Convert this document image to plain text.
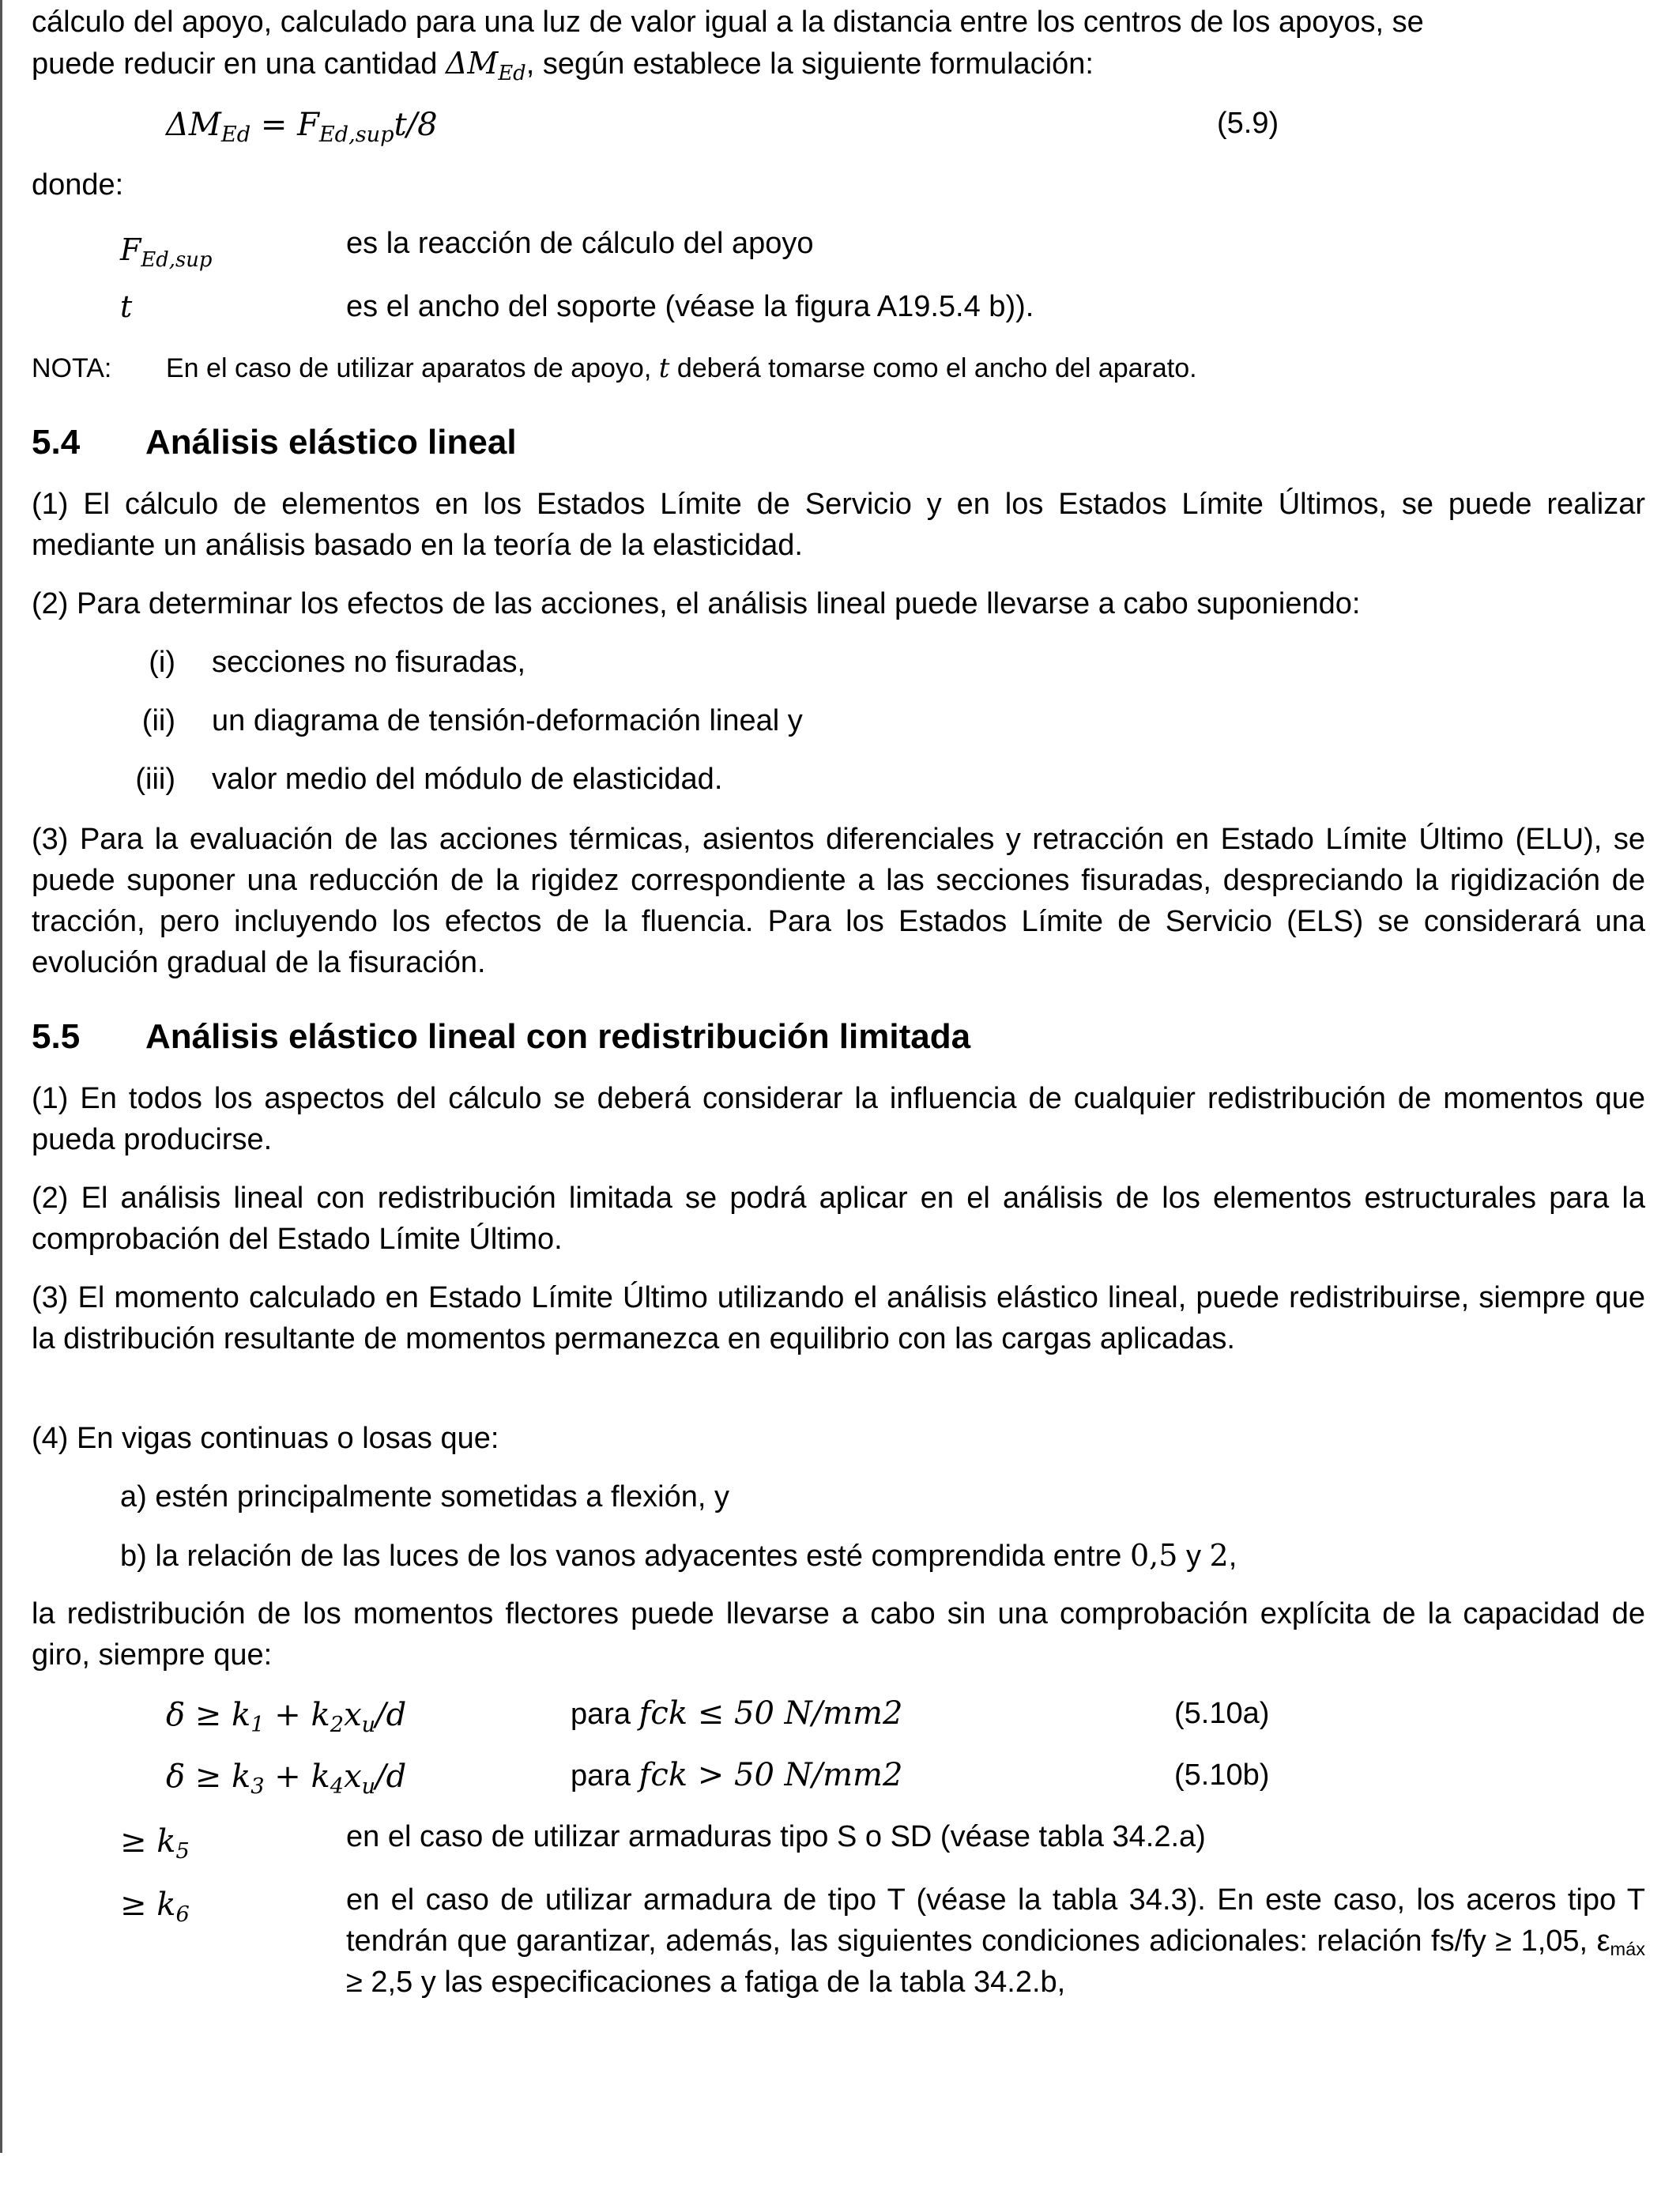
cálculo del apoyo, calculado para una luz de valor igual a la distancia entre los centros de los apoyos, se
puede reducir en una cantidad $\Delta M_{Ed}$, según establece la siguiente formulación:
$\Delta M_{Ed} = F_{Ed,sup}t/8$	(5.9)
donde:
$F_{Ed,sup}$	es la reacción de cálculo del apoyo
t	es el ancho del soporte (véase la figura A19.5.4 b)).
NOTA: En el caso de utilizar aparatos de apoyo, t deberá tomarse como el ancho del aparato.
5.4 Análisis elástico lineal
(1) El cálculo de elementos en los Estados Límite de Servicio y en los Estados Límite Últimos, se puede realizar mediante un análisis basado en la teoría de la elasticidad.
(2) Para determinar los efectos de las acciones, el análisis lineal puede llevarse a cabo suponiendo:
(i) secciones no fisuradas,
(ii) un diagrama de tensión-deformación lineal y
(iii) valor medio del módulo de elasticidad.
(3) Para la evaluación de las acciones térmicas, asientos diferenciales y retracción en Estado Límite Último (ELU), se puede suponer una reducción de la rigidez correspondiente a las secciones fisuradas, despreciando la rigidización de tracción, pero incluyendo los efectos de la fluencia. Para los Estados Límite de Servicio (ELS) se considerará una evolución gradual de la fisuración.
5.5 Análisis elástico lineal con redistribución limitada
(1) En todos los aspectos del cálculo se deberá considerar la influencia de cualquier redistribución de momentos que pueda producirse.
(2) El análisis lineal con redistribución limitada se podrá aplicar en el análisis de los elementos estructurales para la comprobación del Estado Límite Último.
(3) El momento calculado en Estado Límite Último utilizando el análisis elástico lineal, puede redistribuirse, siempre que la distribución resultante de momentos permanezca en equilibrio con las cargas aplicadas.
(4) En vigas continuas o losas que:
a) estén principalmente sometidas a flexión, y
b) la relación de las luces de los vanos adyacentes esté comprendida entre 0,5 y 2,
la redistribución de los momentos flectores puede llevarse a cabo sin una comprobación explícita de la capacidad de giro, siempre que:
$\delta \ge k_1 + k_2x_u/d$	para fck ≤ 50 N/mm2	(5.10a)
$\delta \ge k_3 + k_4x_u/d$	para fck > 50 N/mm2	(5.10b)
≥ $k_5$	en el caso de utilizar armaduras tipo S o SD (véase tabla 34.2.a)
≥ $k_6$	en el caso de utilizar armadura de tipo T (véase la tabla 34.3). En este caso, los aceros tipo T tendrán que garantizar, además, las siguientes condiciones adicionales: relación fs/fy ≥ 1,05, εmáx ≥ 2,5 y las especificaciones a fatiga de la tabla 34.2.b,
